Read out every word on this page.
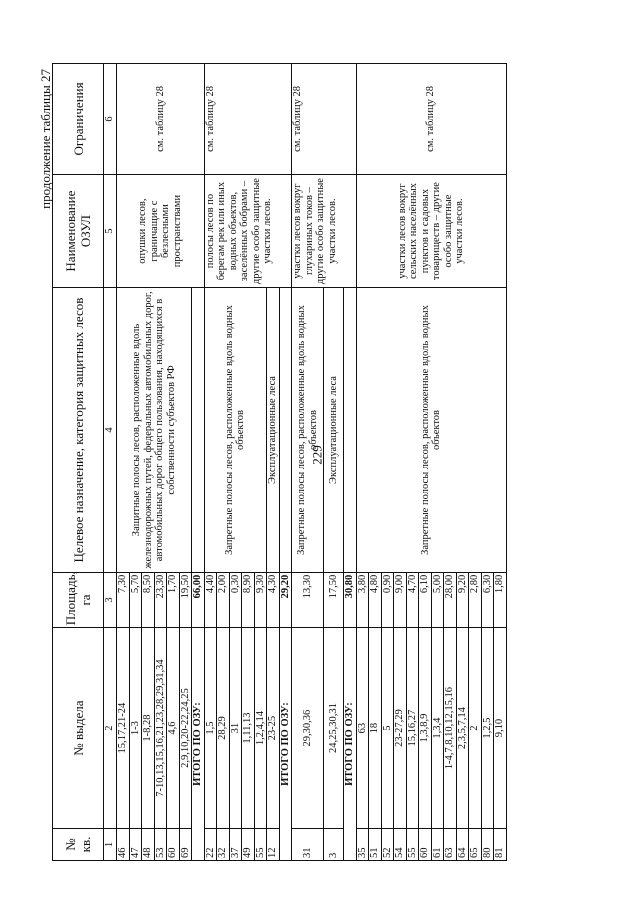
229
продолжение таблицы 27
№ кв.	№ выдела	Площадь, га	Целевое назначение, категория защитных лесов	Наименование ОЗУЛ	Ограничения
1	2	3	4	5	6
46	15,17,21-24	7,30	Защитные полосы лесов, расположенные вдоль железнодорожных путей, федеральных автомобильных дорог, автомобильных дорог общего пользования, находящихся в собственности субъектов РФ	опушки лесов, граничащие с безлесными пространствами	см. таблицу 28
47	1-3	5,70			
48	1-8,28	8,50			
53	7-10,13,15,16,21,23,28,29,31,34	23,30			
60	4,6	1,70			
69	2,9,10,20-22,24,25	19,50			
ИТОГО ПО ОЗУ:		66,00			
22	1,5	4,40	Запретные полосы лесов, расположенные вдоль водных объектов	полосы лесов по берегам рек или иных водных объектов, заселённых бобрами – другие особо защитные участки лесов.	см. таблицу 28
32	28,29	2,00			
37	31	0,30			
49	1,11,13	8,90			
55	1,2,4,14	9,30			
12	23-25	4,30	Эксплуатационные леса		
ИТОГО ПО ОЗУ:		29,20			
31	29,30,36	13,30	Запретные полосы лесов, расположенные вдоль водных объектов	участки лесов вокруг глухариных токов – другие особо защитные участки лесов.	см. таблицу 28
3	24,25,30,31	17,50	Эксплуатационные леса		
ИТОГО ПО ОЗУ:		30,80			
35	63	3,80	Запретные полосы лесов, расположенные вдоль водных объектов	участки лесов вокруг сельских населённых пунктов и садовых товариществ – другие особо защитные участки лесов.	см. таблицу 28
51	18	4,80			
52	5	0,90			
54	23-27,29	9,00			
55	15,16,27	4,70			
60	1,3,8,9	6,10			
61	1,3,4	5,00			
63	1-4,7,8,10,12,15,16	28,00			
64	2,3,5,7,14	9,20			
65	2	2,80			
80	1,2,5	6,30			
81	9,10	1,80			
